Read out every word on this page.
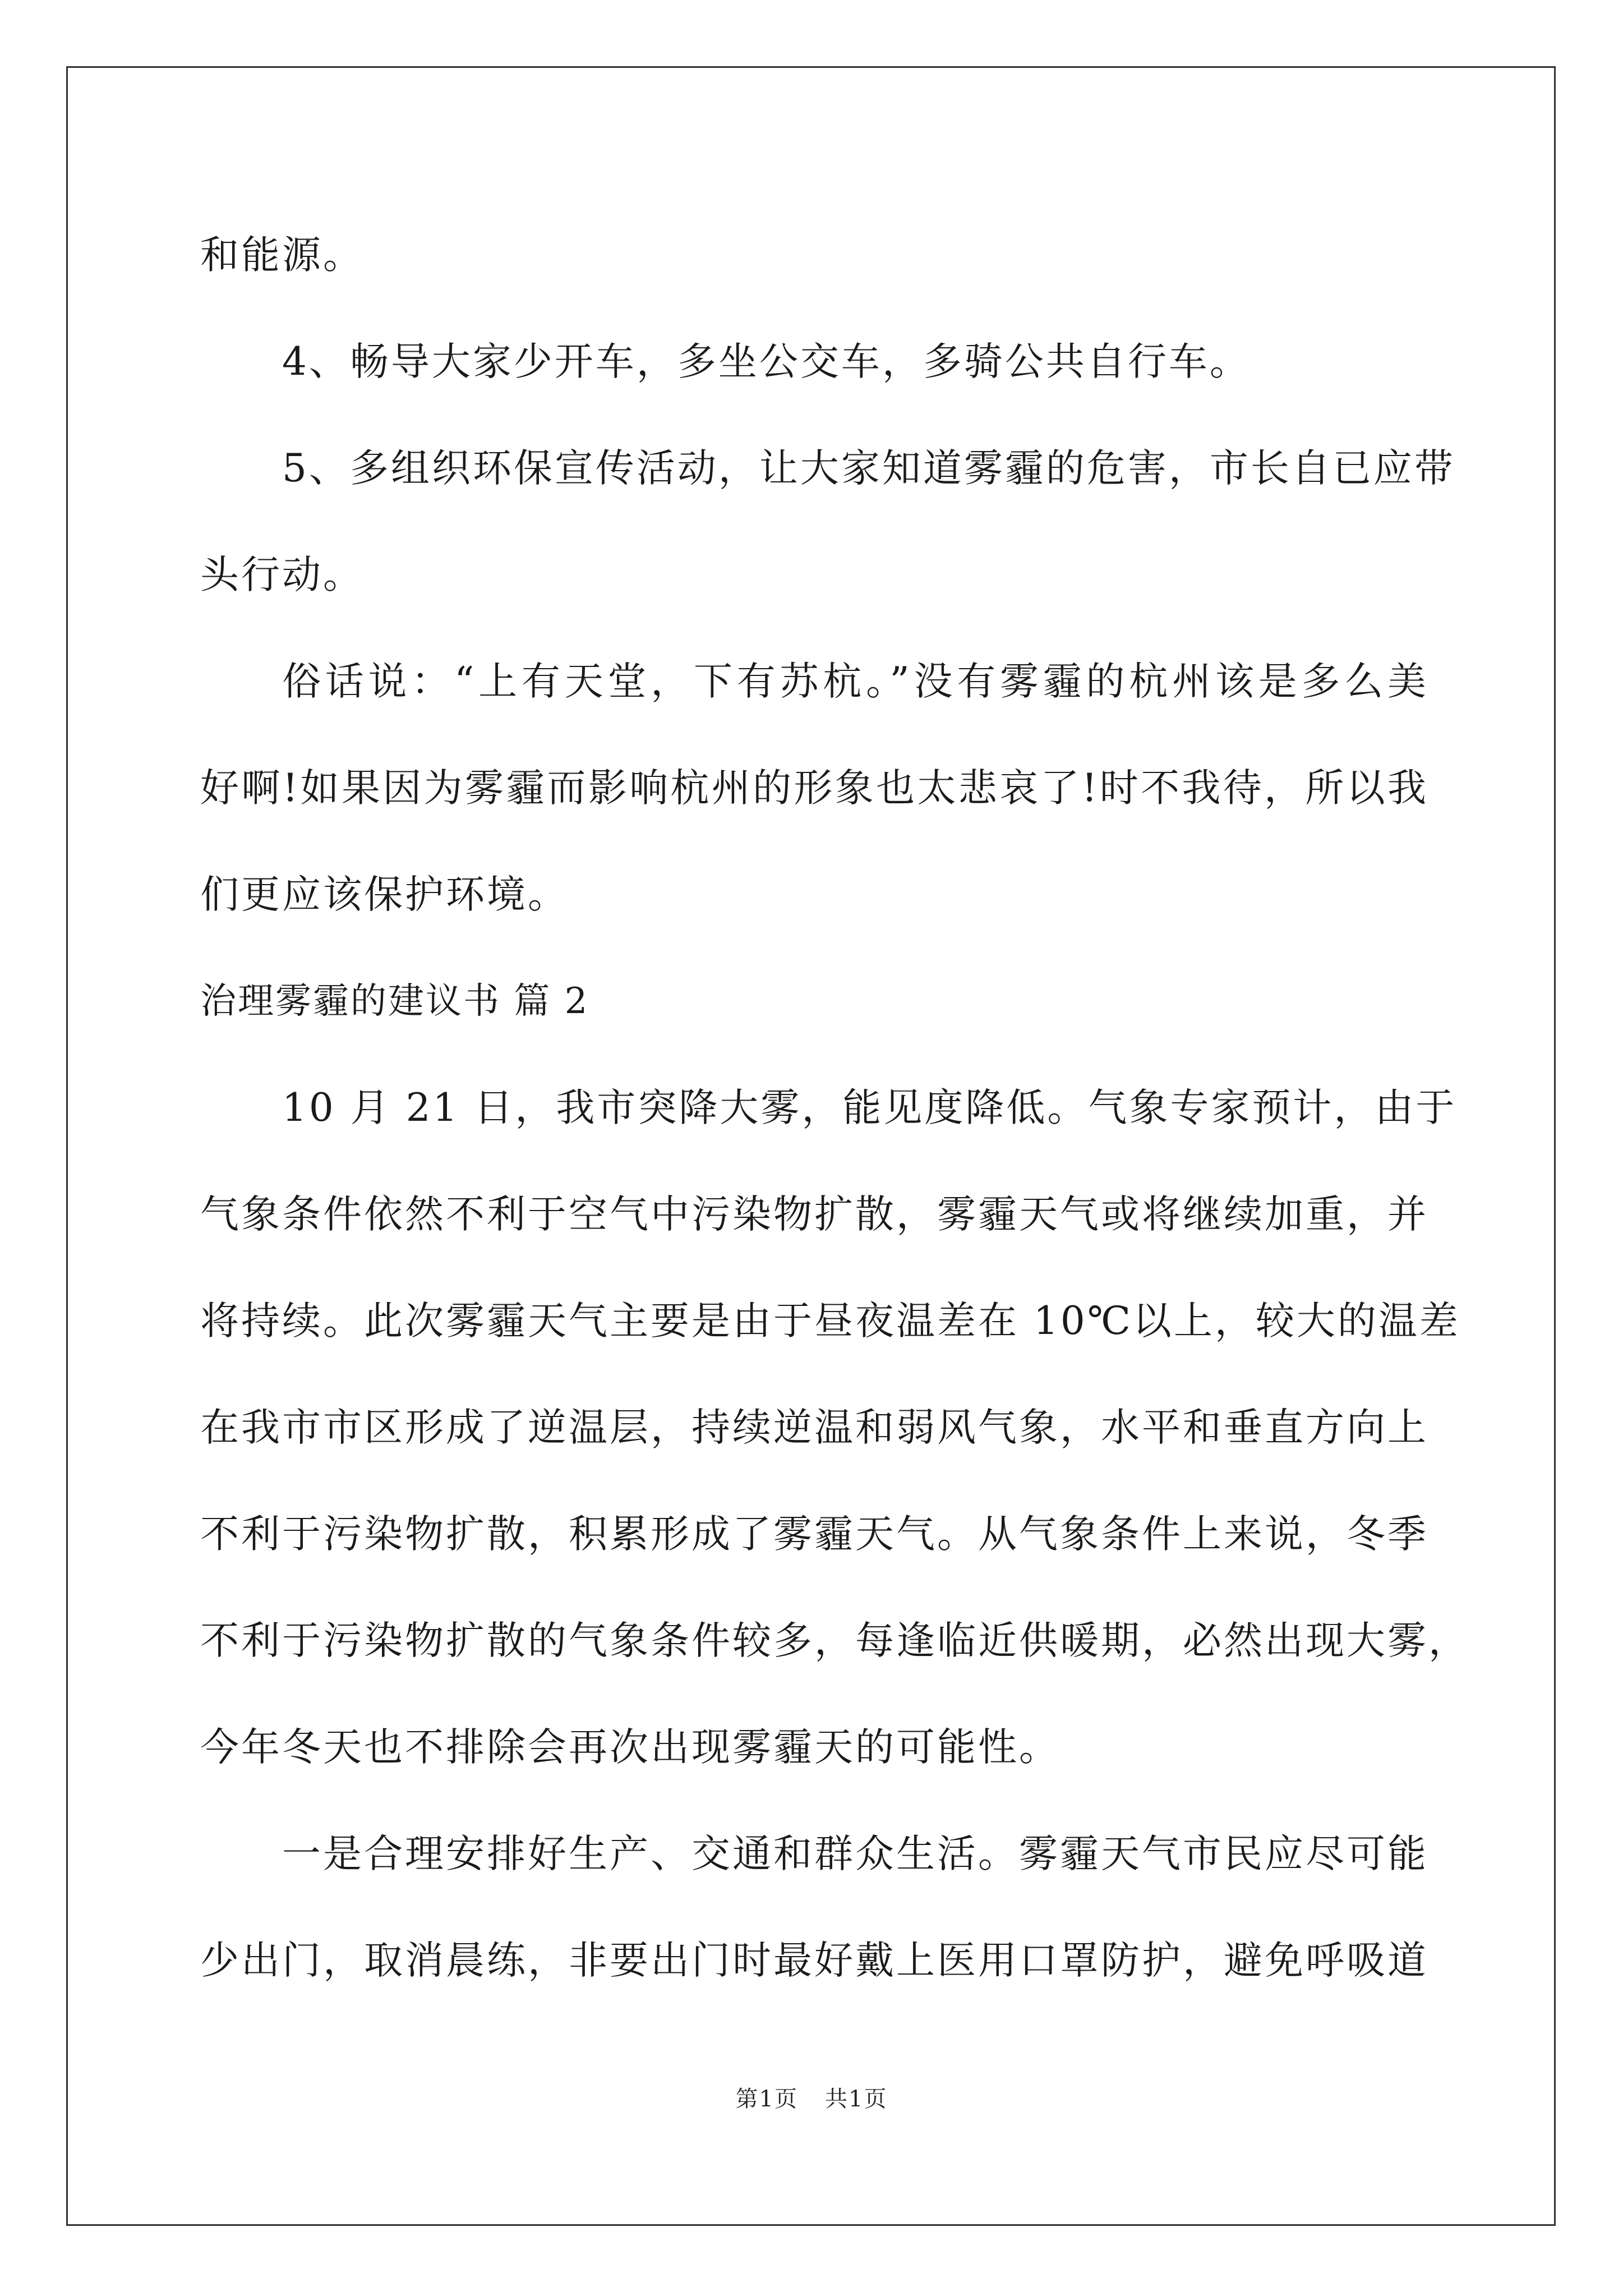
和能源。
4、畅导大家少开车，多坐公交车，多骑公共自行车。
5、多组织环保宣传活动，让大家知道雾霾的危害，市长自已应带
头行动。
俗话说：“上有天堂，下有苏杭。”没有雾霾的杭州该是多么美
好啊!如果因为雾霾而影响杭州的形象也太悲哀了!时不我待，所以我
们更应该保护环境。
治理雾霾的建议书 篇 2
10 月 21 日，我市突降大雾，能见度降低。气象专家预计，由于
气象条件依然不利于空气中污染物扩散，雾霾天气或将继续加重，并
将持续。此次雾霾天气主要是由于昼夜温差在 10℃以上，较大的温差
在我市市区形成了逆温层，持续逆温和弱风气象，水平和垂直方向上
不利于污染物扩散，积累形成了雾霾天气。从气象条件上来说，冬季
不利于污染物扩散的气象条件较多，每逢临近供暖期，必然出现大雾，
今年冬天也不排除会再次出现雾霾天的可能性。
一是合理安排好生产、交通和群众生活。雾霾天气市民应尽可能
少出门，取消晨练，非要出门时最好戴上医用口罩防护，避免呼吸道
第1页 共1页
